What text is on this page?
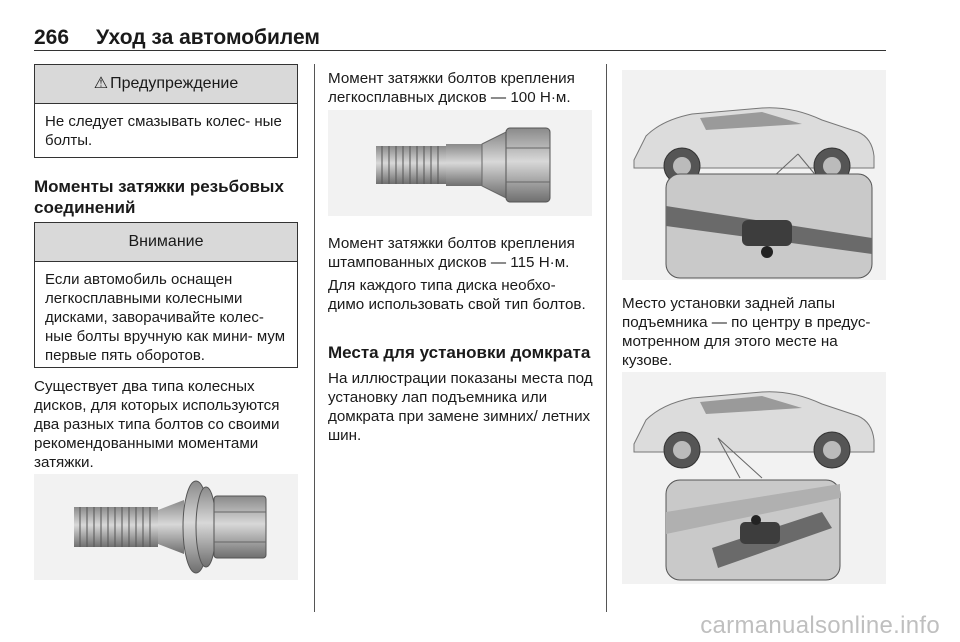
266 Уход за автомобилем
⚠ Предупреждение
Не следует смазывать колес- ные болты.
Моменты затяжки резьбовых соединений
Внимание
Если автомобиль оснащен легкосплавными колесными дисками, заворачивайте колес- ные болты вручную как мини- мум первые пять оборотов.
Существует два типа колесных дисков, для которых используются два разных типа болтов со своими рекомендованными моментами затяжки.
Момент затяжки болтов крепления легкосплавных дисков — 100 Н·м.
Момент затяжки болтов крепления штампованных дисков — 115 Н·м.
Для каждого типа диска необхо- димо использовать свой тип болтов.
Места для установки домкрата
На иллюстрации показаны места под установку лап подъемника или домкрата при замене зимних/ летних шин.
Место установки задней лапы подъемника — по центру в предус- мотренном для этого месте на кузове.
carmanualsonline.info
